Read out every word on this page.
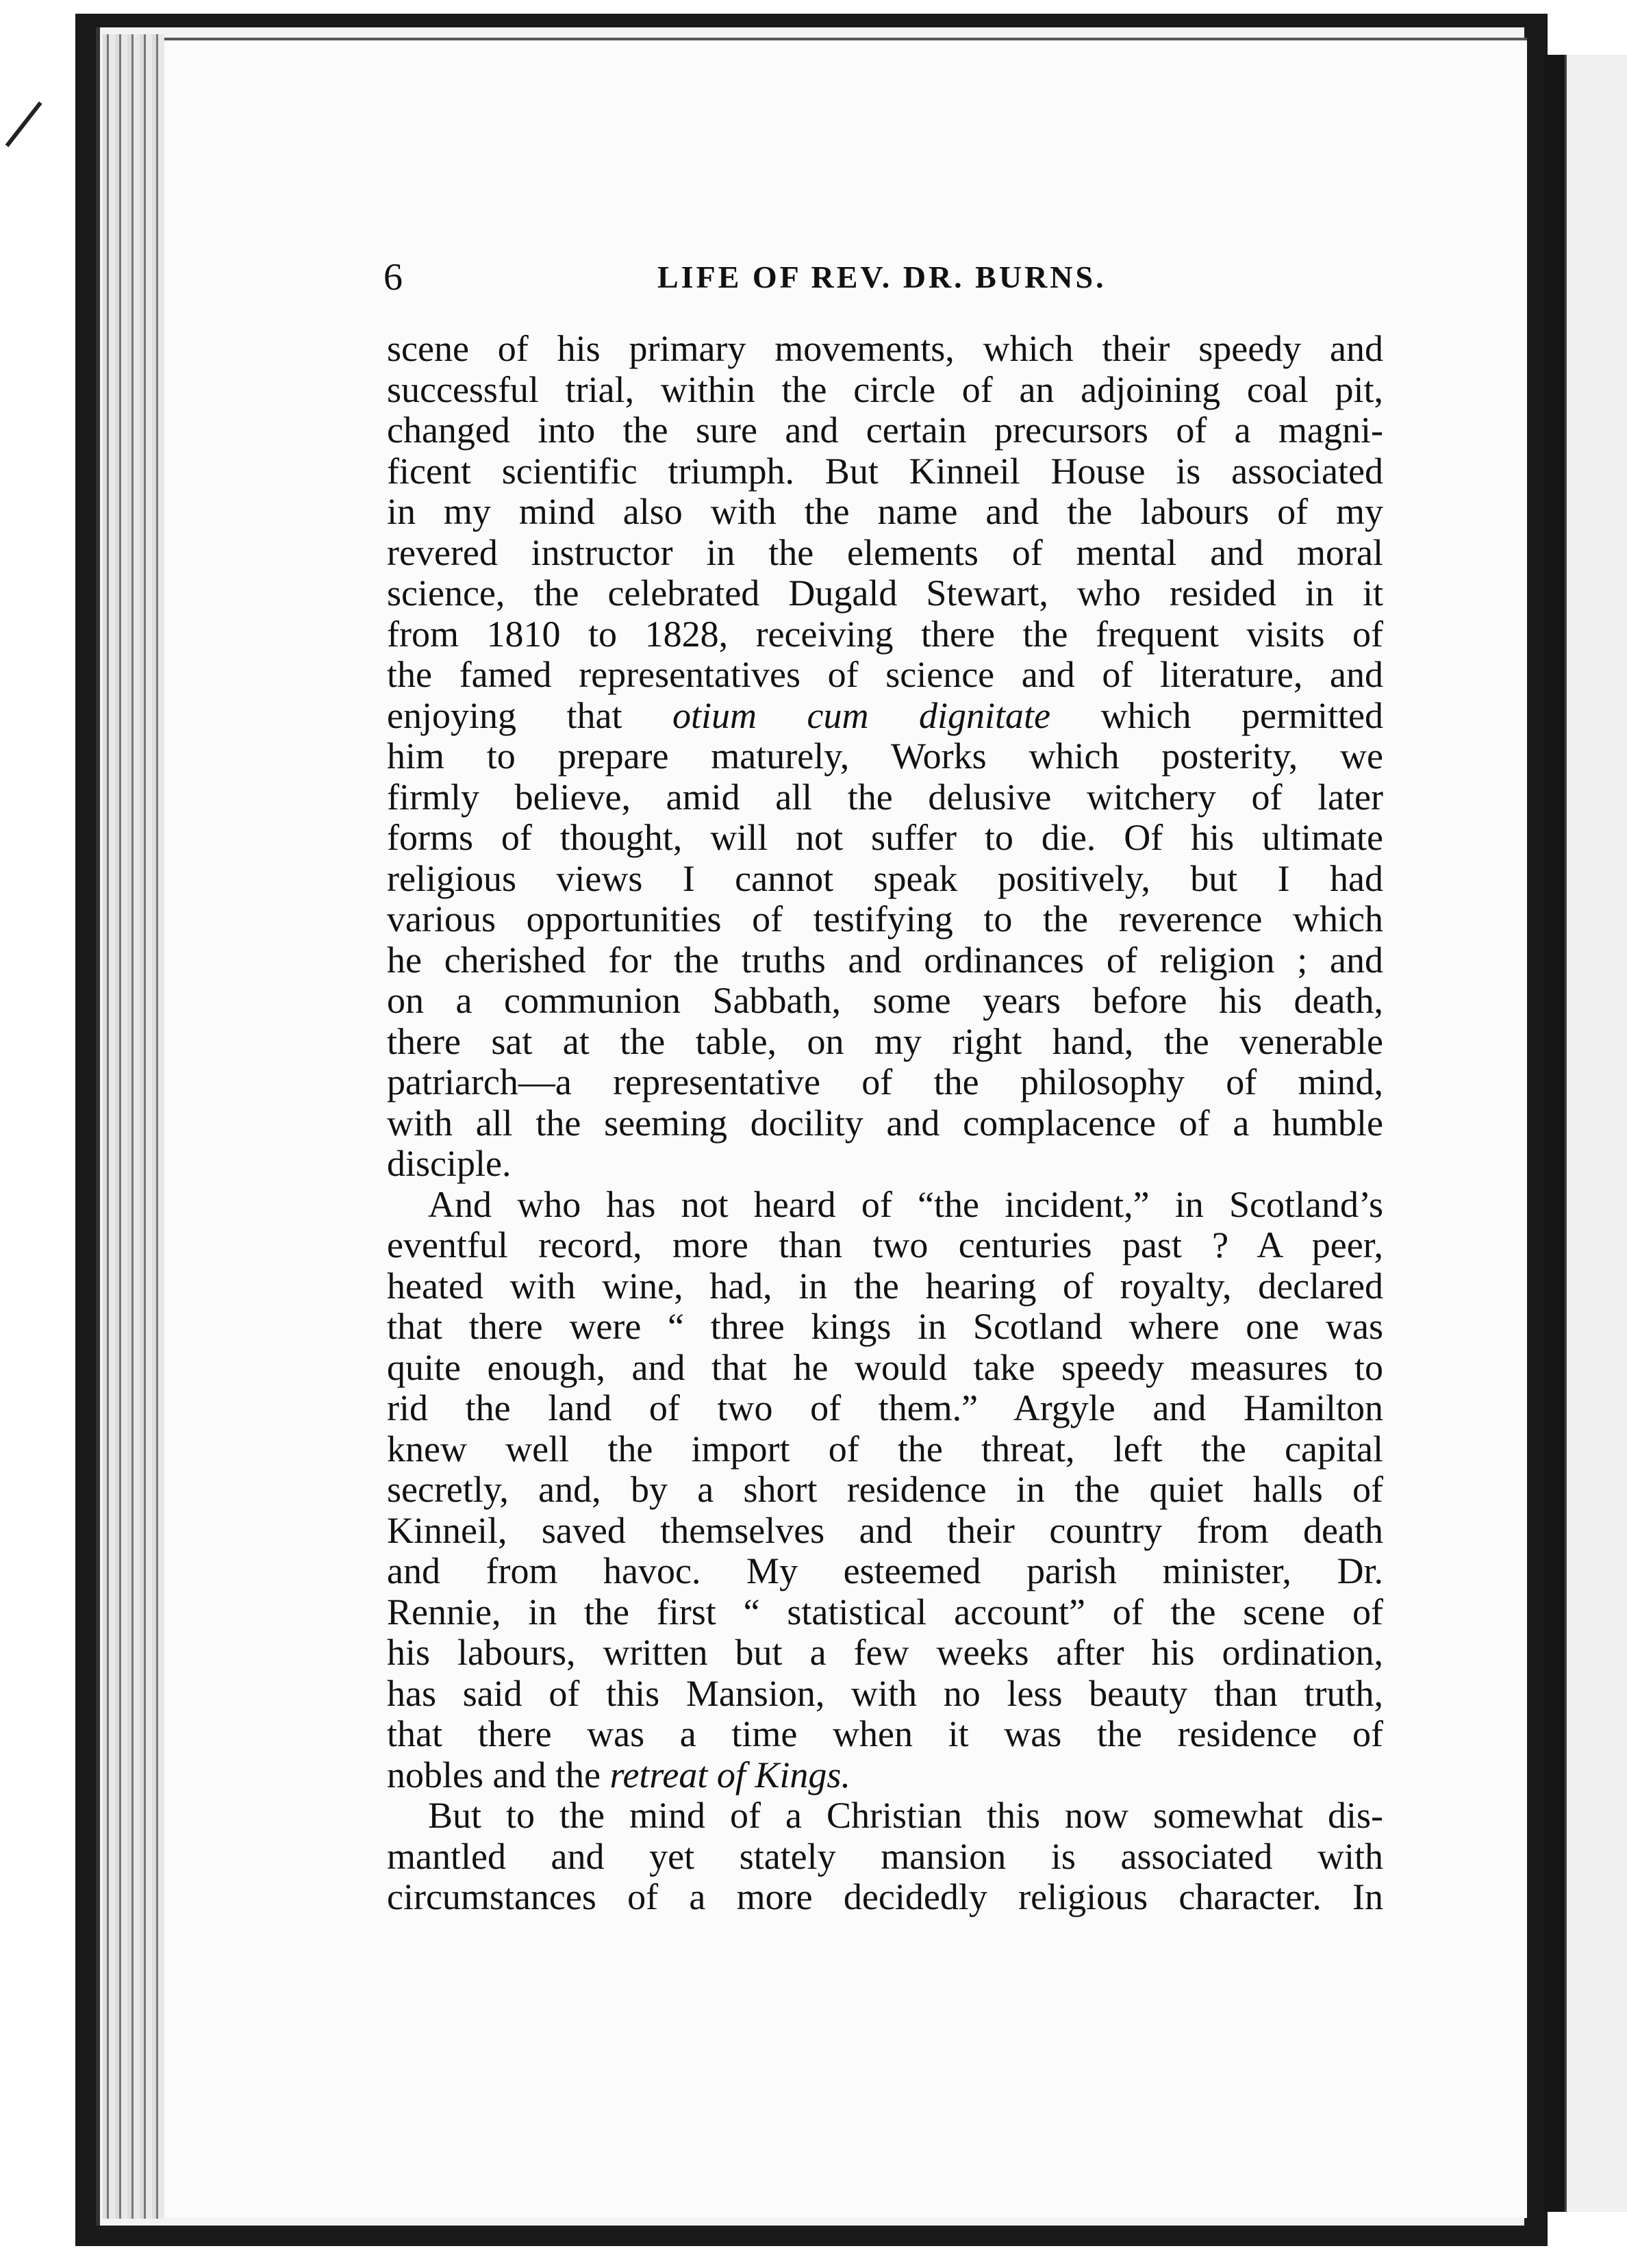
6	LIFE OF REV. DR. BURNS.
scene of his primary movements, which their speedy and
successful trial, within the circle of an adjoining coal pit,
changed into the sure and certain precursors of a magni-
ficent scientific triumph. But Kinneil House is associated
in my mind also with the name and the labours of my
revered instructor in the elements of mental and moral
science, the celebrated Dugald Stewart, who resided in it
from 1810 to 1828, receiving there the frequent visits of
the famed representatives of science and of literature, and
enjoying that otium cum dignitate which permitted
him to prepare maturely, Works which posterity, we
firmly believe, amid all the delusive witchery of later
forms of thought, will not suffer to die. Of his ultimate
religious views I cannot speak positively, but I had
various opportunities of testifying to the reverence which
he cherished for the truths and ordinances of religion ; and
on a communion Sabbath, some years before his death,
there sat at the table, on my right hand, the venerable
patriarch—a representative of the philosophy of mind,
with all the seeming docility and complacence of a humble
disciple.
And who has not heard of “the incident,” in Scotland’s
eventful record, more than two centuries past ? A peer,
heated with wine, had, in the hearing of royalty, declared
that there were “ three kings in Scotland where one was
quite enough, and that he would take speedy measures to
rid the land of two of them.” Argyle and Hamilton
knew well the import of the threat, left the capital
secretly, and, by a short residence in the quiet halls of
Kinneil, saved themselves and their country from death
and from havoc. My esteemed parish minister, Dr.
Rennie, in the first “ statistical account” of the scene of
his labours, written but a few weeks after his ordination,
has said of this Mansion, with no less beauty than truth,
that there was a time when it was the residence of
nobles and the retreat of Kings.
But to the mind of a Christian this now somewhat dis-
mantled and yet stately mansion is associated with
circumstances of a more decidedly religious character. In
